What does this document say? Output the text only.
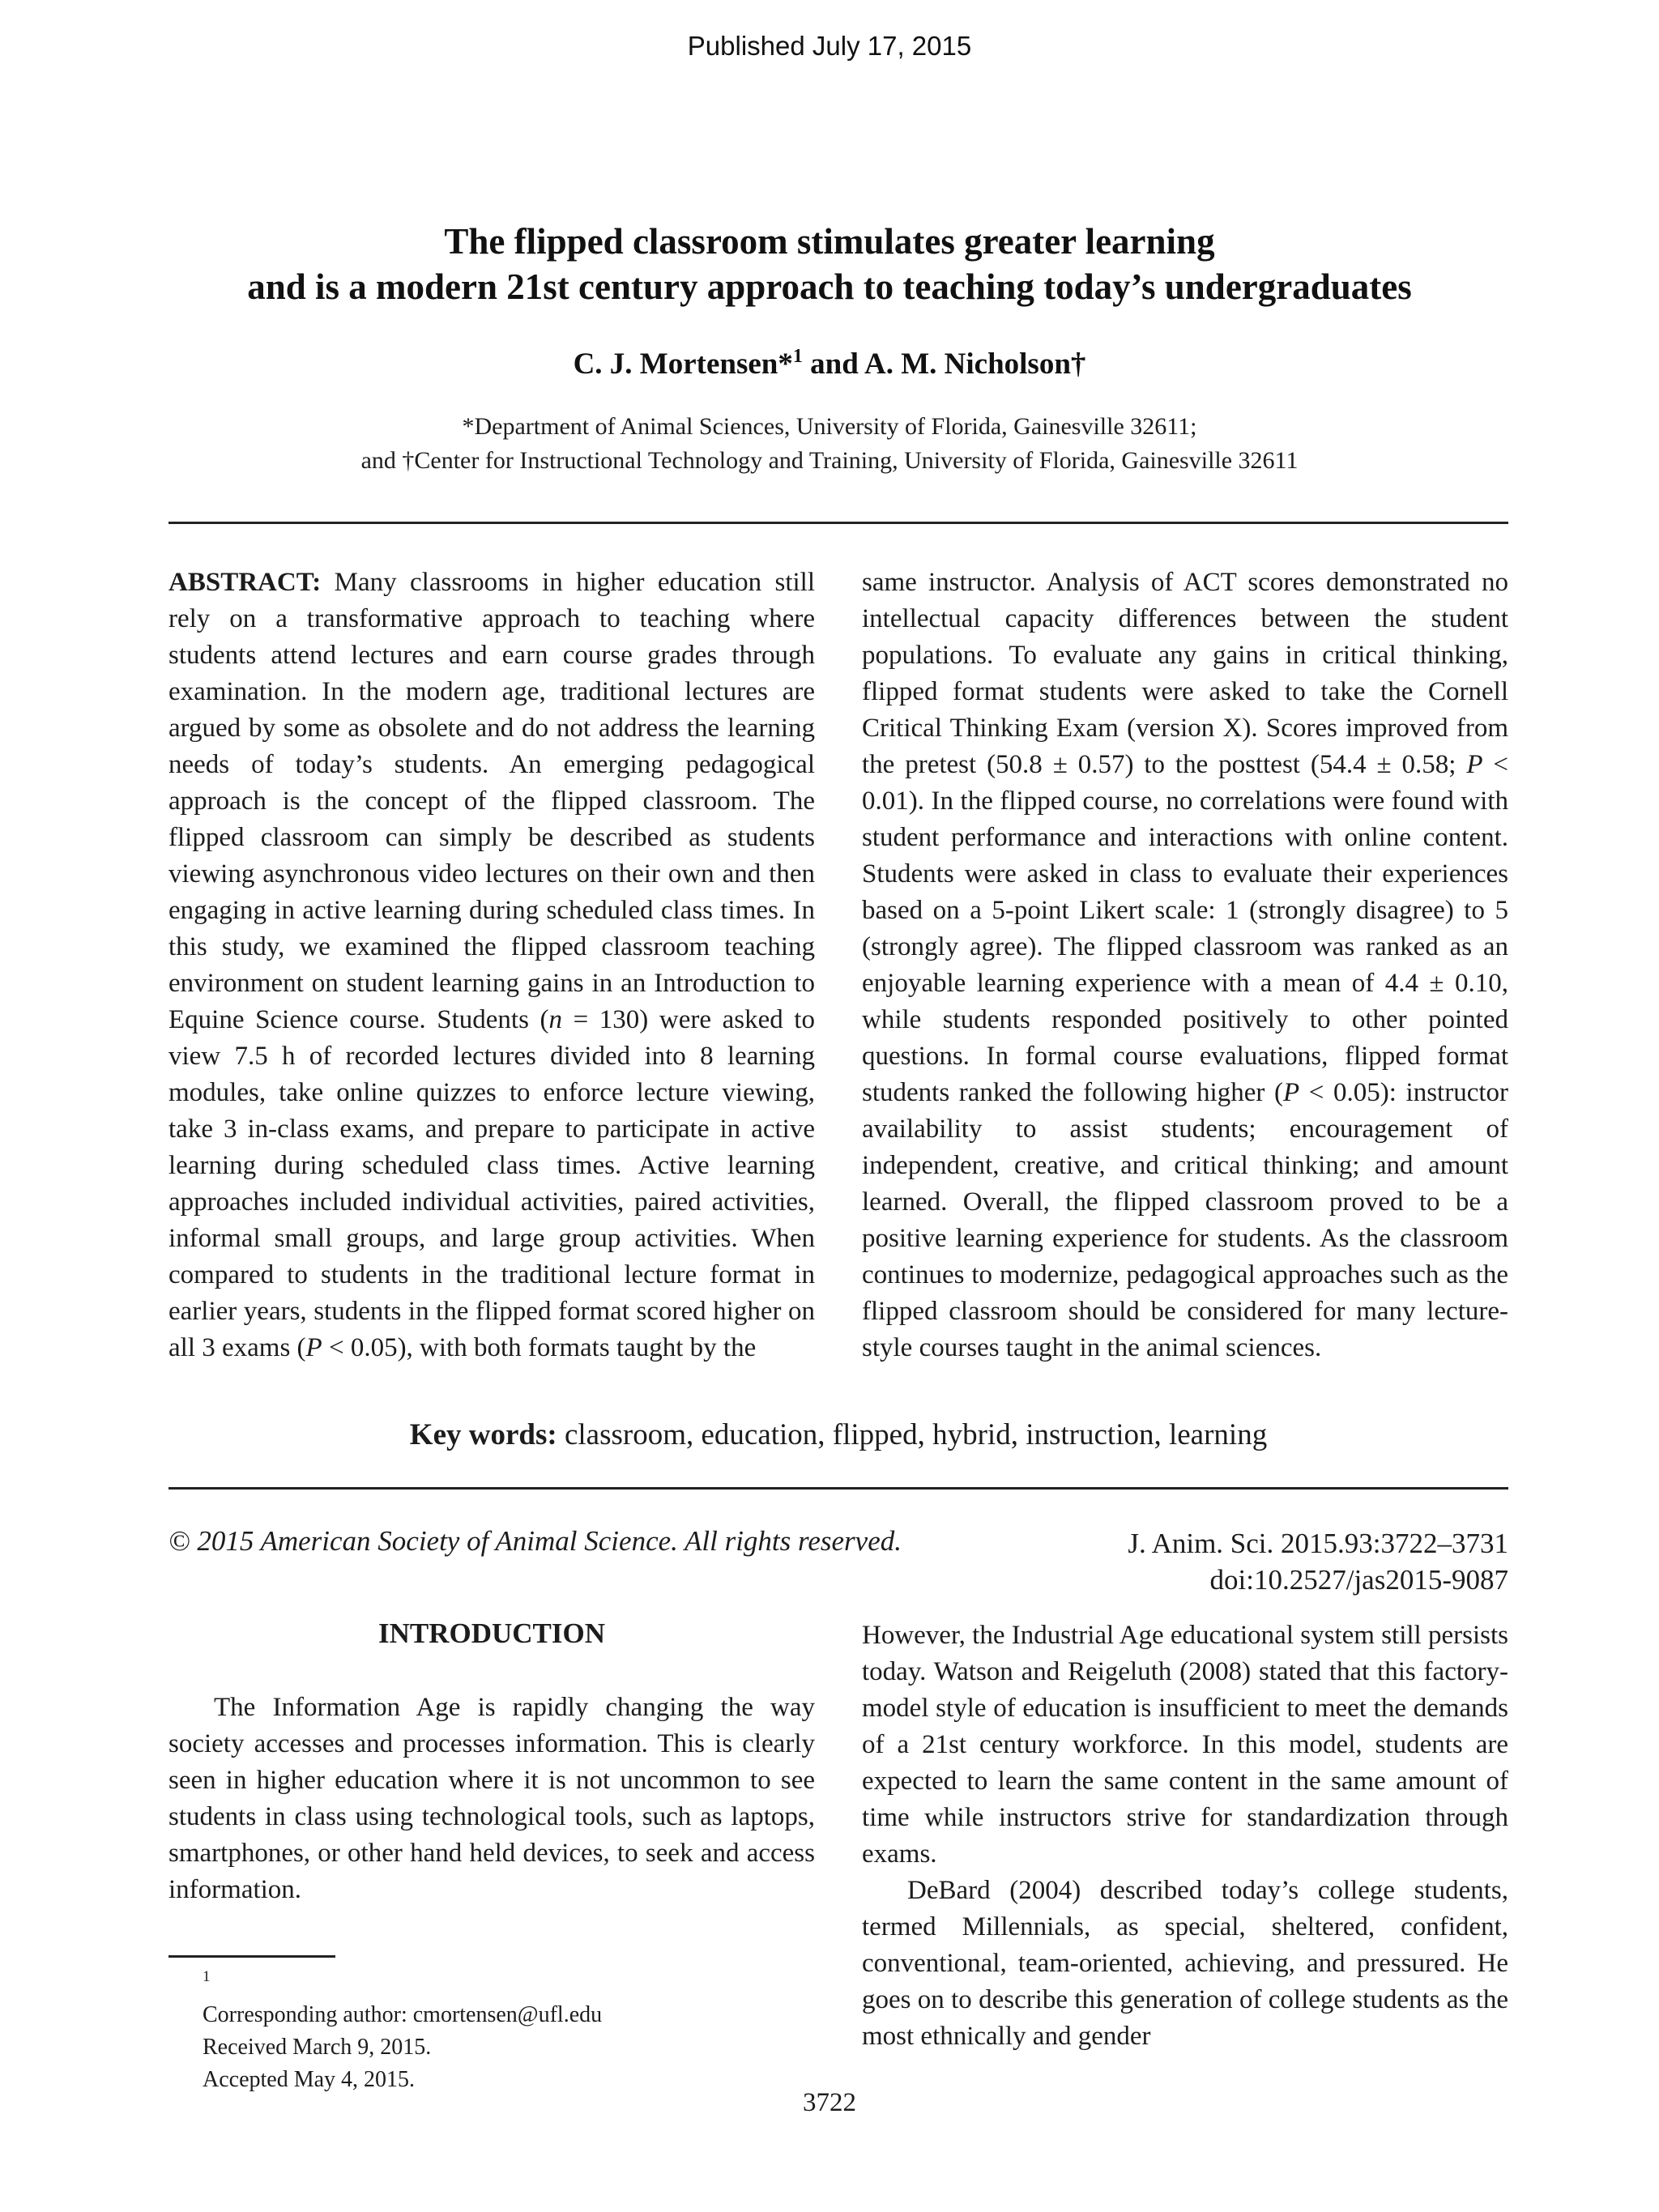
Published July 17, 2015
The flipped classroom stimulates greater learning
and is a modern 21st century approach to teaching today’s undergraduates
C. J. Mortensen*$^1$ and A. M. Nicholson†
*Department of Animal Sciences, University of Florida, Gainesville 32611;
and †Center for Instructional Technology and Training, University of Florida, Gainesville 32611
ABSTRACT: Many classrooms in higher education still rely on a transformative approach to teaching where students attend lectures and earn course grades through examination. In the modern age, traditional lectures are argued by some as obsolete and do not address the learning needs of today’s students. An emerging pedagogical approach is the concept of the flipped classroom. The flipped classroom can simply be described as students viewing asynchronous video lectures on their own and then engaging in active learning during scheduled class times. In this study, we examined the flipped classroom teaching environment on student learning gains in an Introduction to Equine Science course. Students (n = 130) were asked to view 7.5 h of recorded lectures divided into 8 learning modules, take online quizzes to enforce lecture viewing, take 3 in-class exams, and prepare to participate in active learning during scheduled class times. Active learning approaches included individual activities, paired activities, informal small groups, and large group activities. When compared to students in the traditional lecture format in earlier years, students in the flipped format scored higher on all 3 exams (P < 0.05), with both formats taught by the
same instructor. Analysis of ACT scores demonstrated no intellectual capacity differences between the student populations. To evaluate any gains in critical thinking, flipped format students were asked to take the Cornell Critical Thinking Exam (version X). Scores improved from the pretest (50.8 ± 0.57) to the posttest (54.4 ± 0.58; P < 0.01). In the flipped course, no correlations were found with student performance and interactions with online content. Students were asked in class to evaluate their experiences based on a 5-point Likert scale: 1 (strongly disagree) to 5 (strongly agree). The flipped classroom was ranked as an enjoyable learning experience with a mean of 4.4 ± 0.10, while students responded positively to other pointed questions. In formal course evaluations, flipped format students ranked the following higher (P < 0.05): instructor availability to assist students; encouragement of independent, creative, and critical thinking; and amount learned. Overall, the flipped classroom proved to be a positive learning experience for students. As the classroom continues to modernize, pedagogical approaches such as the flipped classroom should be considered for many lecture-style courses taught in the animal sciences.
Key words: classroom, education, flipped, hybrid, instruction, learning
© 2015 American Society of Animal Science. All rights reserved.	J. Anim. Sci. 2015.93:3722–3731
doi:10.2527/jas2015-9087
INTRODUCTION

The Information Age is rapidly changing the way society accesses and processes information. This is clearly seen in higher education where it is not uncommon to see students in class using technological tools, such as laptops, smartphones, or other hand held devices, to seek and access information.

However, the Industrial Age educational system still persists today. Watson and Reigeluth (2008) stated that this factory-model style of education is insufficient to meet the demands of a 21st century workforce. In this model, students are expected to learn the same content in the same amount of time while instructors strive for standardization through exams.

DeBard (2004) described today’s college students, termed Millennials, as special, sheltered, confident, conventional, team-oriented, achieving, and pressured. He goes on to describe this generation of college students as the most ethnically and gender

$^1$
Corresponding author: cmortensen@ufl.edu
Received March 9, 2015.
Accepted May 4, 2015.
3722
